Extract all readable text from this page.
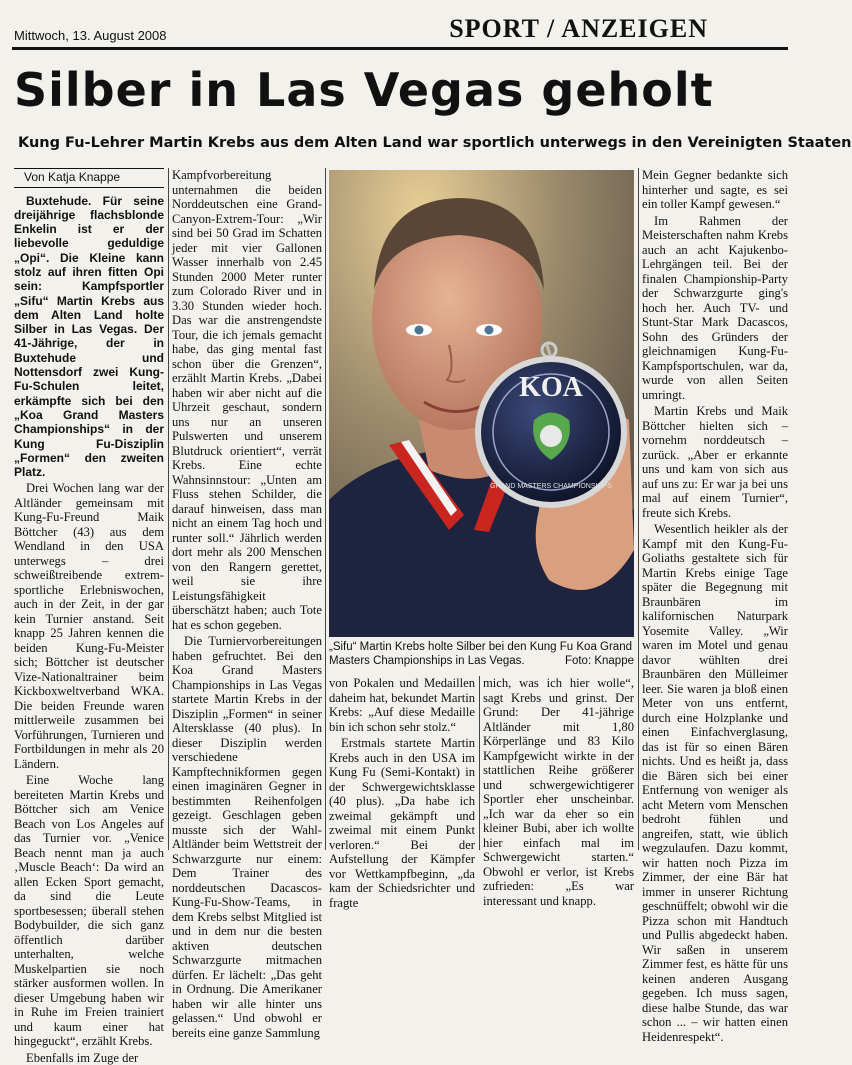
Mittwoch, 13. August 2008	SPORT / ANZEIGEN
Silber in Las Vegas geholt
Kung Fu-Lehrer Martin Krebs aus dem Alten Land war sportlich unterwegs in den Vereinigten Staaten
Von Katja Knappe

Buxtehude. Für seine dreijährige flachsblonde Enkelin ist er der liebevolle geduldige „Opi“. Die Kleine kann stolz auf ihren fitten Opi sein: Kampfsportler „Sifu“ Martin Krebs aus dem Alten Land holte Silber in Las Vegas. Der 41-Jährige, der in Buxtehude und Nottensdorf zwei Kung-Fu-Schulen leitet, erkämpfte sich bei den „Koa Grand Masters Championships“ in der Kung Fu-Disziplin „Formen“ den zweiten Platz.

Drei Wochen lang war der Altländer gemeinsam mit Kung-Fu-Freund Maik Böttcher (43) aus dem Wendland in den USA unterwegs – drei schweißtreibende extrem-sportliche Erlebniswochen, auch in der Zeit, in der gar kein Turnier anstand. Seit knapp 25 Jahren kennen die beiden Kung-Fu-Meister sich; Böttcher ist deutscher Vize-Nationaltrainer beim Kickboxweltverband WKA. Die beiden Freunde waren mittlerweile zusammen bei Vorführungen, Turnieren und Fortbildungen in mehr als 20 Ländern.

Eine Woche lang bereiteten Martin Krebs und Böttcher sich am Venice Beach von Los Angeles auf das Turnier vor. „Venice Beach nennt man ja auch ‚Muscle Beach‘: Da wird an allen Ecken Sport gemacht, da sind die Leute sportbesessen; überall stehen Bodybuilder, die sich ganz öffentlich darüber unterhalten, welche Muskelpartien sie noch stärker ausformen wollen. In dieser Umgebung haben wir in Ruhe im Freien trainiert und kaum einer hat hingeguckt“, erzählt Krebs.

Ebenfalls im Zuge der

Kampfvorbereitung unternahmen die beiden Norddeutschen eine Grand-Canyon-Extrem-Tour: „Wir sind bei 50 Grad im Schatten jeder mit vier Gallonen Wasser innerhalb von 2.45 Stunden 2000 Meter runter zum Colorado River und in 3.30 Stunden wieder hoch. Das war die anstrengendste Tour, die ich jemals gemacht habe, das ging mental fast schon über die Grenzen“, erzählt Martin Krebs. „Dabei haben wir aber nicht auf die Uhrzeit geschaut, sondern uns nur an unseren Pulswerten und unserem Blutdruck orientiert“, verrät Krebs. Eine echte Wahnsinnstour: „Unten am Fluss stehen Schilder, die darauf hinweisen, dass man nicht an einem Tag hoch und runter soll.“ Jährlich werden dort mehr als 200 Menschen von den Rangern gerettet, weil sie ihre Leistungsfähigkeit überschätzt haben; auch Tote hat es schon gegeben.

Die Turniervorbereitungen haben gefruchtet. Bei den Koa Grand Masters Championships in Las Vegas startete Martin Krebs in der Disziplin „Formen“ in seiner Altersklasse (40 plus). In dieser Disziplin werden verschiedene Kampftechnikformen gegen einen imaginären Gegner in bestimmten Reihenfolgen gezeigt. Geschlagen geben musste sich der Wahl-Altländer beim Wettstreit der Schwarzgurte nur einem: Dem Trainer des norddeutschen Dacascos-Kung-Fu-Show-Teams, in dem Krebs selbst Mitglied ist und in dem nur die besten aktiven deutschen Schwarzgurte mitmachen dürfen. Er lächelt: „Das geht in Ordnung. Die Amerikaner haben wir alle hinter uns gelassen.“ Und obwohl er bereits eine ganze Sammlung

KOA
GRAND MASTERS CHAMPIONSHIPS
„Sifu“ Martin Krebs holte Silber bei den Kung Fu Koa Grand Masters Championships in Las Vegas.	Foto: Knappe

von Pokalen und Medaillen daheim hat, bekundet Martin Krebs: „Auf diese Medaille bin ich schon sehr stolz.“

Erstmals startete Martin Krebs auch in den USA im Kung Fu (Semi-Kontakt) in der Schwergewichtsklasse (40 plus). „Da habe ich zweimal gekämpft und zweimal mit einem Punkt verloren.“ Bei der Aufstellung der Kämpfer vor Wettkampfbeginn, „da kam der Schiedsrichter und fragte

mich, was ich hier wolle“, sagt Krebs und grinst. Der Grund: Der 41-jährige Altländer mit 1,80 Körperlänge und 83 Kilo Kampfgewicht wirkte in der stattlichen Reihe größerer und schwergewichtigerer Sportler eher unscheinbar. „Ich war da eher so ein kleiner Bubi, aber ich wollte hier einfach mal im Schwergewicht starten.“ Obwohl er verlor, ist Krebs zufrieden: „Es war interessant und knapp.

Mein Gegner bedankte sich hinterher und sagte, es sei ein toller Kampf gewesen.“

Im Rahmen der Meisterschaften nahm Krebs auch an acht Kajukenbo-Lehrgängen teil. Bei der finalen Championship-Party der Schwarzgurte ging's hoch her. Auch TV- und Stunt-Star Mark Dacascos, Sohn des Gründers der gleichnamigen Kung-Fu-Kampfsportschulen, war da, wurde von allen Seiten umringt.

Martin Krebs und Maik Böttcher hielten sich – vornehm norddeutsch – zurück. „Aber er erkannte uns und kam von sich aus auf uns zu: Er war ja bei uns mal auf einem Turnier“, freute sich Krebs.

Wesentlich heikler als der Kampf mit den Kung-Fu-Goliaths gestaltete sich für Martin Krebs einige Tage später die Begegnung mit Braunbären im kalifornischen Naturpark Yosemite Valley. „Wir waren im Motel und genau davor wühlten drei Braunbären den Mülleimer leer. Sie waren ja bloß einen Meter von uns entfernt, durch eine Holzplanke und einen Einfachverglasung, das ist für so einen Bären nichts. Und es heißt ja, dass die Bären sich bei einer Entfernung von weniger als acht Metern vom Menschen bedroht fühlen und angreifen, statt, wie üblich wegzulaufen. Dazu kommt, wir hatten noch Pizza im Zimmer, der eine Bär hat immer in unserer Richtung geschnüffelt; obwohl wir die Pizza schon mit Handtuch und Pullis abgedeckt haben. Wir saßen in unserem Zimmer fest, es hätte für uns keinen anderen Ausgang gegeben. Ich muss sagen, diese halbe Stunde, das war schon ... – wir hatten einen Heidenrespekt“.
